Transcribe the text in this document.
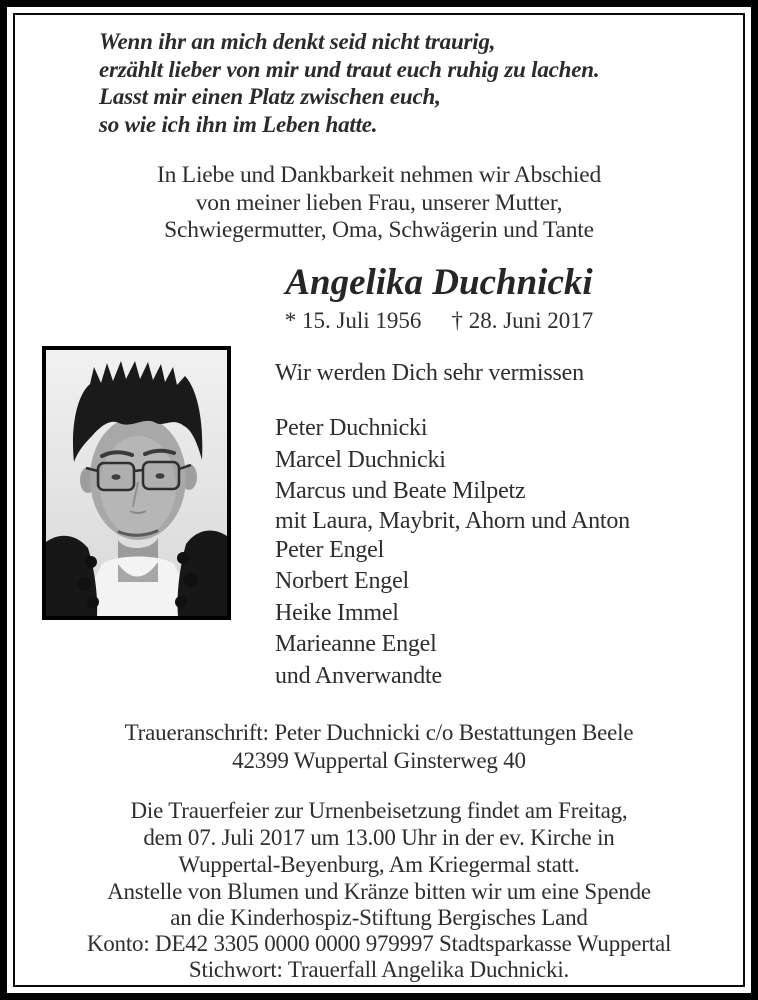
Wenn ihr an mich denkt seid nicht traurig,
erzählt lieber von mir und traut euch ruhig zu lachen.
Lasst mir einen Platz zwischen euch,
so wie ich ihn im Leben hatte.
In Liebe und Dankbarkeit nehmen wir Abschied
von meiner lieben Frau, unserer Mutter,
Schwiegermutter, Oma, Schwägerin und Tante
Angelika Duchnicki
* 15. Juli 1956 † 28. Juni 2017
Wir werden Dich sehr vermissen
Peter Duchnicki
Marcel Duchnicki
Marcus und Beate Milpetz
mit Laura, Maybrit, Ahorn und Anton
Peter Engel
Norbert Engel
Heike Immel
Marieanne Engel
und Anverwandte
Traueranschrift: Peter Duchnicki c/o Bestattungen Beele
42399 Wuppertal Ginsterweg 40
Die Trauerfeier zur Urnenbeisetzung findet am Freitag,
dem 07. Juli 2017 um 13.00 Uhr in der ev. Kirche in
Wuppertal-Beyenburg, Am Kriegermal statt.
Anstelle von Blumen und Kränze bitten wir um eine Spende
an die Kinderhospiz-Stiftung Bergisches Land
Konto: DE42 3305 0000 0000 979997 Stadtsparkasse Wuppertal
Stichwort: Trauerfall Angelika Duchnicki.
